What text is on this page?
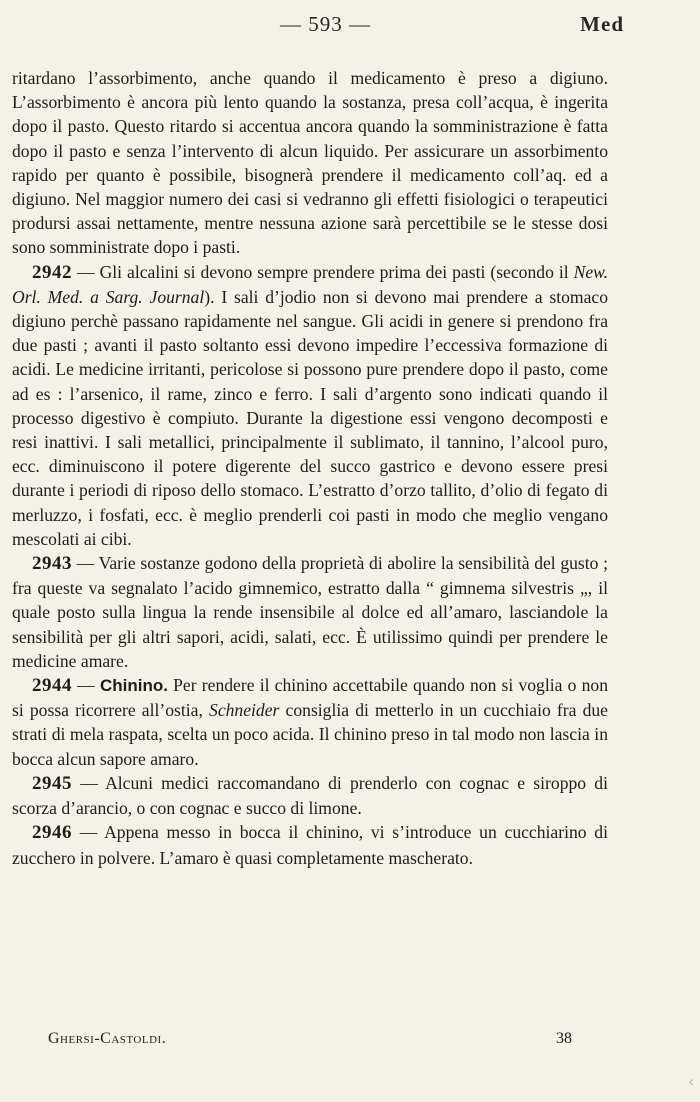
— 593 —	Med

ritardano l’assorbimento, anche quando il medicamento è preso a digiuno. L’assorbimento è ancora più lento quando la sostanza, presa coll’acqua, è ingerita dopo il pasto. Questo ritardo si accentua ancora quando la somministrazione è fatta dopo il pasto e senza l’intervento di alcun liquido. Per assicurare un assorbimento rapido per quanto è possibile, bisognerà prendere il medicamento coll’aq. ed a digiuno. Nel maggior numero dei casi si vedranno gli effetti fisiologici o terapeutici prodursi assai nettamente, mentre nessuna azione sarà percettibile se le stesse dosi sono somministrate dopo i pasti.

2942 — Gli alcalini si devono sempre prendere prima dei pasti (secondo il New. Orl. Med. a Sarg. Journal). I sali d’jodio non si devono mai prendere a stomaco digiuno perchè passano rapidamente nel sangue. Gli acidi in genere si prendono fra due pasti ; avanti il pasto soltanto essi devono impedire l’eccessiva formazione di acidi. Le medicine irritanti, pericolose si possono pure prendere dopo il pasto, come ad es : l’arsenico, il rame, zinco e ferro. I sali d’argento sono indicati quando il processo digestivo è compiuto. Durante la digestione essi vengono decomposti e resi inattivi. I sali metallici, principalmente il sublimato, il tannino, l’alcool puro, ecc. diminuiscono il potere digerente del succo gastrico e devono essere presi durante i periodi di riposo dello stomaco. L’estratto d’orzo tallito, d’olio di fegato di merluzzo, i fosfati, ecc. è meglio prenderli coi pasti in modo che meglio vengano mescolati ai cibi.

2943 — Varie sostanze godono della proprietà di abolire la sensibilità del gusto ; fra queste va segnalato l’acido gimnemico, estratto dalla “ gimnema silvestris „, il quale posto sulla lingua la rende insensibile al dolce ed all’amaro, lasciandole la sensibilità per gli altri sapori, acidi, salati, ecc. È utilissimo quindi per prendere le medicine amare.

2944 — Chinino. Per rendere il chinino accettabile quando non si voglia o non si possa ricorrere all’ostia, Schneider consiglia di metterlo in un cucchiaio fra due strati di mela raspata, scelta un poco acida. Il chinino preso in tal modo non lascia in bocca alcun sapore amaro.

2945 — Alcuni medici raccomandano di prenderlo con cognac e siroppo di scorza d’arancio, o con cognac e succo di limone.

2946 — Appena messo in bocca il chinino, vi s’introduce un cucchiarino di zucchero in polvere. L’amaro è quasi completamente mascherato.

Ghersi-Castoldi.	38
‹
